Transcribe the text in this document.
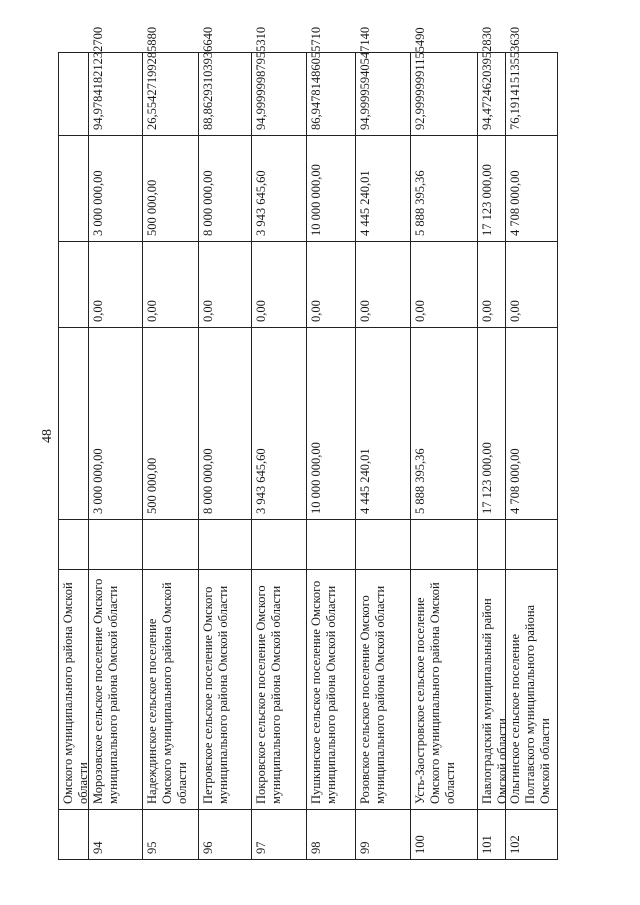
48
Омского муниципального района Омской области
94
Морозовское сельское поселение Омского муниципального района Омской области
3 000 000,00
0,00
3 000 000,00
94,97841821232700
95
Надеждинское сельское поселение Омского муниципального района Омской области
500 000,00
0,00
500 000,00
26,55427199285880
96
Петровское сельское поселение Омского муниципального района Омской области
8 000 000,00
0,00
8 000 000,00
88,86293103936640
97
Покровское сельское поселение Омского муниципального района Омской области
3 943 645,60
0,00
3 943 645,60
94,99999987955310
98
Пушкинское сельское поселение Омского муниципального района Омской области
10 000 000,00
0,00
10 000 000,00
86,94781486055710
99
Розовское сельское поселение Омского муниципального района Омской области
4 445 240,01
0,00
4 445 240,01
94,99995940547140
100
Усть-Заостровское сельское поселение Омского муниципального района Омской области
5 888 395,36
0,00
5 888 395,36
92,99999991155490
101
Павлоградский муниципальный район Омской области
17 123 000,00
0,00
17 123 000,00
94,47246203952830
102
Ольгинское сельское поселение Полтавского муниципального района Омской области
4 708 000,00
0,00
4 708 000,00
76,19141513553630
